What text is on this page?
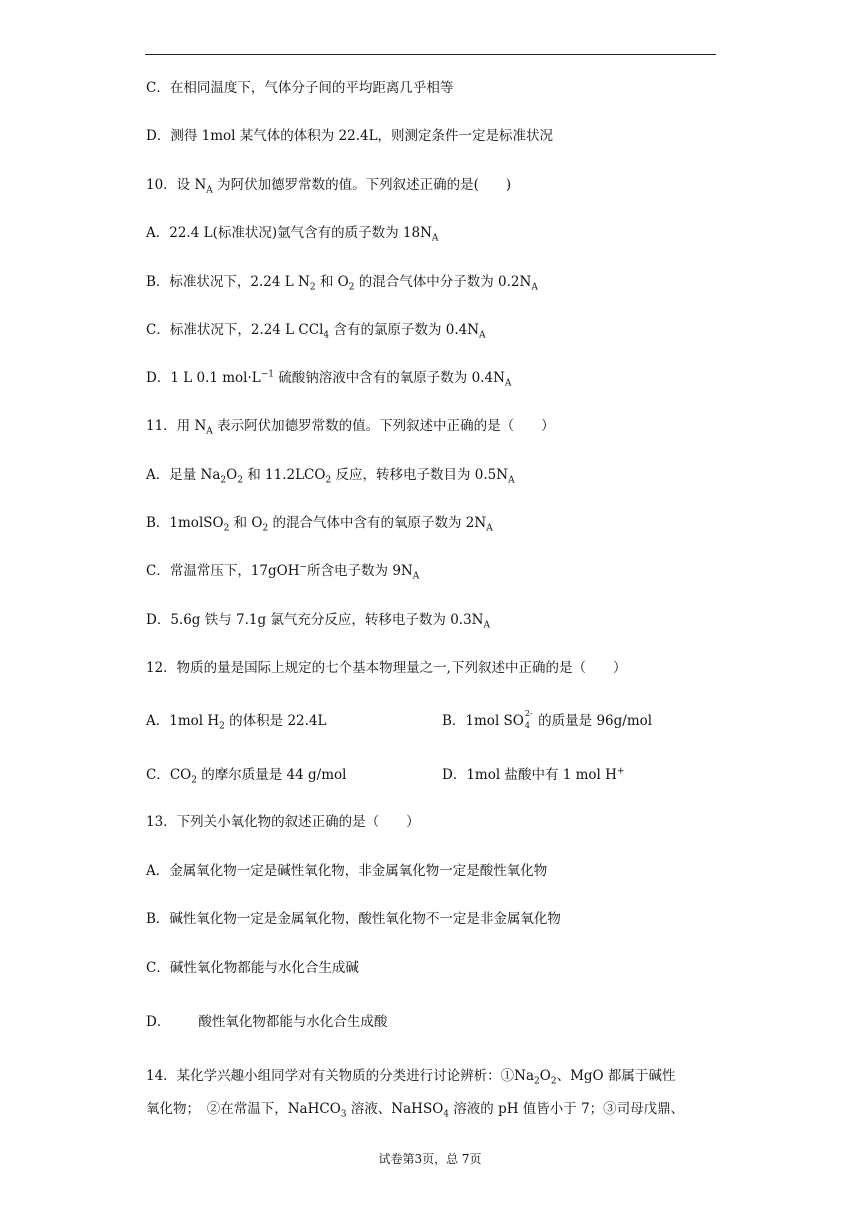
C．在相同温度下，气体分子间的平均距离几乎相等
D．测得 1mol 某气体的体积为 22.4L，则测定条件一定是标准状况
10．设 $N_A$ 为阿伏加德罗常数的值。下列叙述正确的是(　　)
A．22.4 L(标准状况)氩气含有的质子数为 $18N_A$
B．标准状况下，2.24 L $N_2$ 和 $O_2$ 的混合气体中分子数为 $0.2N_A$
C．标准状况下，2.24 L CCl$_4$ 含有的氯原子数为 $0.4N_A$
D．1 L 0.1 $mol\cdot L^{-1}$ 硫酸钠溶液中含有的氧原子数为 $0.4N_A$
11．用 $N_A$ 表示阿伏加德罗常数的值。下列叙述中正确的是（　　）
A．足量 $Na_2O_2$ 和 $11.2LCO_2$ 反应，转移电子数目为 $0.5N_A$
B．1molSO$_2$ 和 $O_2$ 的混合气体中含有的氧原子数为 $2N_A$
C．常温常压下，17gOH−所含电子数为 $9N_A$
D．5.6g 铁与 7.1g 氯气充分反应，转移电子数为 $0.3N_A$
12．物质的量是国际上规定的七个基本物理量之一,下列叙述中正确的是（　　）
A．1mol $H_2$ 的体积是 22.4L	B．1mol SO 2-
4 的质量是 96g/mol
C．$CO_2$ 的摩尔质量是 44 g/mol	D．1mol 盐酸中有 1 mol H+
13．下列关小氧化物的叙述正确的是（　　）
A．金属氧化物一定是碱性氧化物，非金属氧化物一定是酸性氧化物
B．碱性氧化物一定是金属氧化物，酸性氧化物不一定是非金属氧化物
C．碱性氧化物都能与水化合生成碱
D． 酸性氧化物都能与水化合生成酸
14．某化学兴趣小组同学对有关物质的分类进行讨论辨析：$①Na_2O_2$、MgO 都属于碱性
氧化物；　②在常温下，NaHCO$_3$ 溶液、NaHSO$_4$ 溶液的 pH 值皆小于 7；③司母戊鼎、
试卷第3页，总 7页
